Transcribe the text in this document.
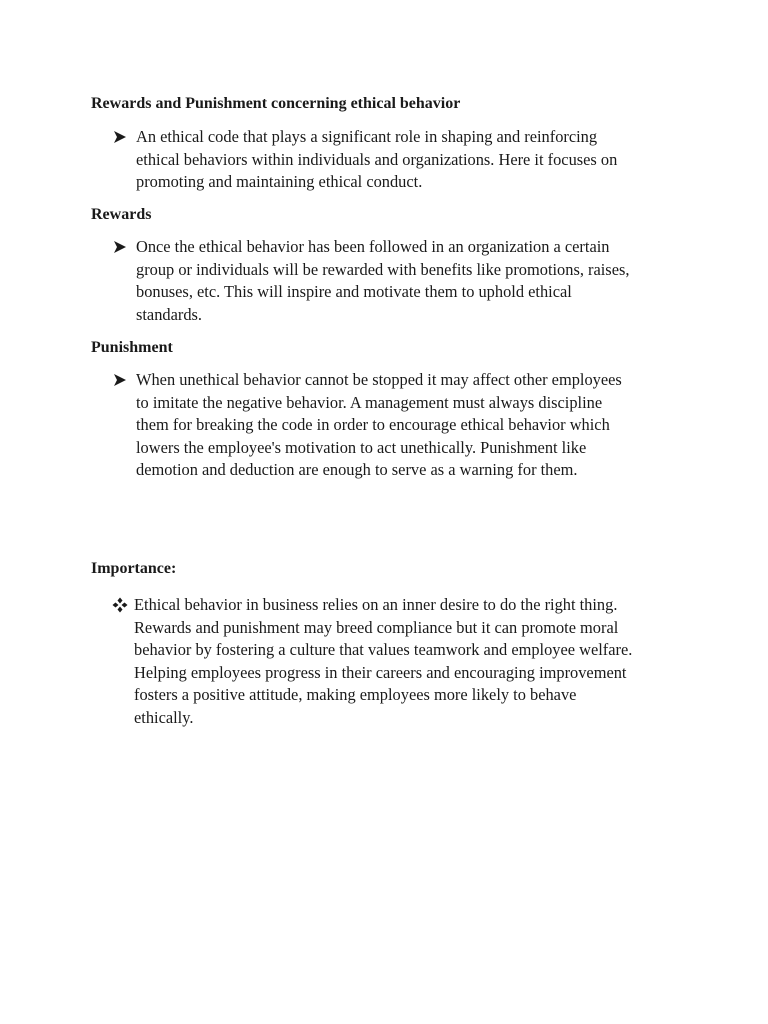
Rewards and Punishment concerning ethical behavior
An ethical code that plays a significant role in shaping and reinforcing
ethical behaviors within individuals and organizations. Here it focuses on
promoting and maintaining ethical conduct.
Rewards
Once the ethical behavior has been followed in an organization a certain
group or individuals will be rewarded with benefits like promotions, raises,
bonuses, etc. This will inspire and motivate them to uphold ethical
standards.
Punishment
When unethical behavior cannot be stopped it may affect other employees
to imitate the negative behavior. A management must always discipline
them for breaking the code in order to encourage ethical behavior which
lowers the employee's motivation to act unethically. Punishment like
demotion and deduction are enough to serve as a warning for them.
Importance:
Ethical behavior in business relies on an inner desire to do the right thing.
Rewards and punishment may breed compliance but it can promote moral
behavior by fostering a culture that values teamwork and employee welfare.
Helping employees progress in their careers and encouraging improvement
fosters a positive attitude, making employees more likely to behave
ethically.
